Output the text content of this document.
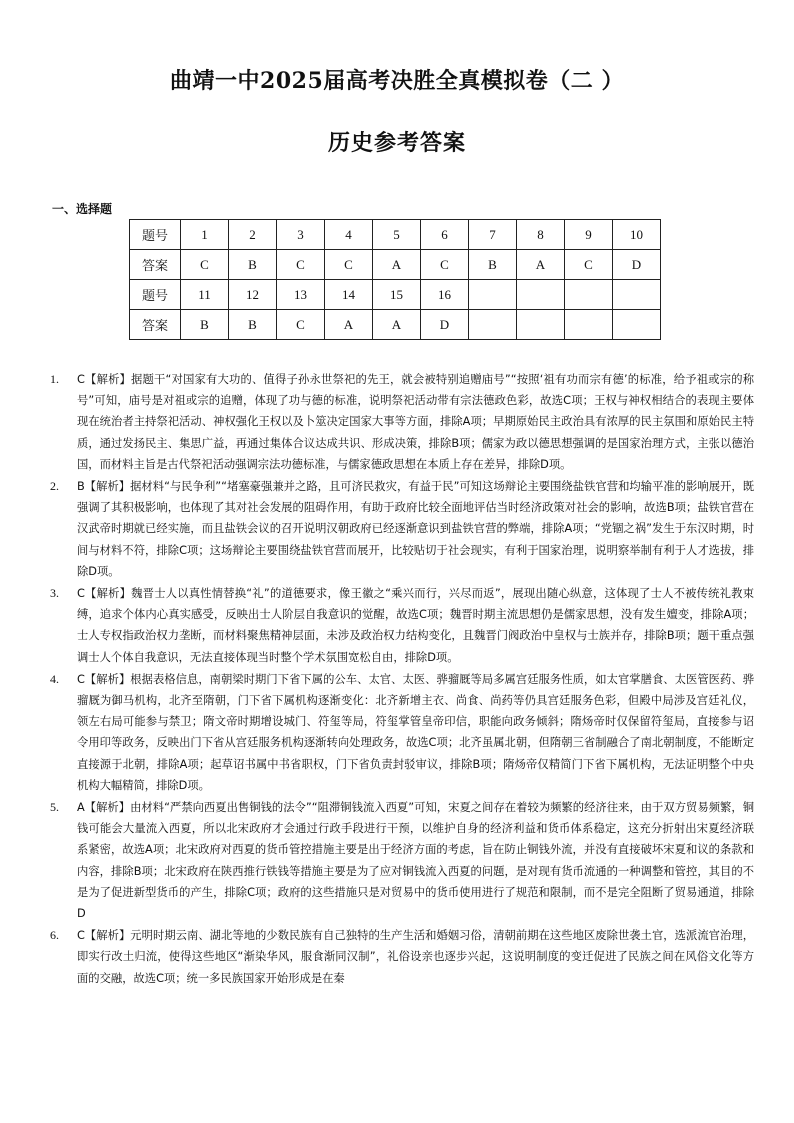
曲靖一中2025届高考决胜全真模拟卷（二 ）
历史参考答案
一、选择题
题号	1	2	3	4	5	6	7	8	9	10
答案	C	B	C	C	A	C	B	A	C	D
题号	11	12	13	14	15	16				
答案	B	B	C	A	A	D				
1. C【解析】据题干“对国家有大功的、值得子孙永世祭祀的先王，就会被特别追赠庙号”“按照‘祖有功而宗有德’的标准，给予祖或宗的称号”可知，庙号是对祖或宗的追赠，体现了功与德的标准，说明祭祀活动带有宗法德政色彩，故选C项；王权与神权相结合的表现主要体现在统治者主持祭祀活动、神权强化王权以及卜筮决定国家大事等方面，排除A项；早期原始民主政治具有浓厚的民主氛围和原始民主特质，通过发扬民主、集思广益，再通过集体合议达成共识、形成决策，排除B项；儒家为政以德思想强调的是国家治理方式，主张以德治国，而材料主旨是古代祭祀活动强调宗法功德标准，与儒家德政思想在本质上存在差异，排除D项。
2. B【解析】据材料“与民争利”“堵塞豪强兼并之路，且可济民救灾，有益于民”可知这场辩论主要围绕盐铁官营和均输平准的影响展开，既强调了其积极影响，也体现了其对社会发展的阻碍作用，有助于政府比较全面地评估当时经济政策对社会的影响，故选B项；盐铁官营在汉武帝时期就已经实施，而且盐铁会议的召开说明汉朝政府已经逐渐意识到盐铁官营的弊端，排除A项；“党锢之祸”发生于东汉时期，时间与材料不符，排除C项；这场辩论主要围绕盐铁官营而展开，比较贴切于社会现实，有利于国家治理，说明察举制有利于人才选拔，排除D项。
3. C【解析】魏晋士人以真性情替换“礼”的道德要求，像王徽之“乘兴而行，兴尽而返”，展现出随心纵意，这体现了士人不被传统礼教束缚，追求个体内心真实感受，反映出士人阶层自我意识的觉醒，故选C项；魏晋时期主流思想仍是儒家思想，没有发生嬗变，排除A项；士人专权指政治权力垄断，而材料聚焦精神层面，未涉及政治权力结构变化，且魏晋门阀政治中皇权与士族并存，排除B项；题干重点强调士人个体自我意识，无法直接体现当时整个学术氛围宽松自由，排除D项。
4. C【解析】根据表格信息，南朝梁时期门下省下属的公车、太官、太医、骅骝厩等局多属宫廷服务性质，如太官掌膳食、太医管医药、骅骝厩为御马机构，北齐至隋朝，门下省下属机构逐渐变化：北齐新增主衣、尚食、尚药等仍具宫廷服务色彩，但殿中局涉及宫廷礼仪，领左右局可能参与禁卫；隋文帝时期增设城门、符玺等局，符玺掌管皇帝印信，职能向政务倾斜；隋炀帝时仅保留符玺局，直接参与诏令用印等政务，反映出门下省从宫廷服务机构逐渐转向处理政务，故选C项；北齐虽属北朝，但隋朝三省制融合了南北朝制度，不能断定直接源于北朝，排除A项；起草诏书属中书省职权，门下省负责封驳审议，排除B项；隋炀帝仅精简门下省下属机构，无法证明整个中央机构大幅精简，排除D项。
5. A【解析】由材料“严禁向西夏出售铜钱的法令”“阻滞铜钱流入西夏”可知，宋夏之间存在着较为频繁的经济往来，由于双方贸易频繁，铜钱可能会大量流入西夏，所以北宋政府才会通过行政手段进行干预，以维护自身的经济利益和货币体系稳定，这充分折射出宋夏经济联系紧密，故选A项；北宋政府对西夏的货币管控措施主要是出于经济方面的考虑，旨在防止铜钱外流，并没有直接破坏宋夏和议的条款和内容，排除B项；北宋政府在陕西推行铁钱等措施主要是为了应对铜钱流入西夏的问题，是对现有货币流通的一种调整和管控，其目的不是为了促进新型货币的产生，排除C项；政府的这些措施只是对贸易中的货币使用进行了规范和限制，而不是完全阻断了贸易通道，排除D
6. C【解析】元明时期云南、湖北等地的少数民族有自己独特的生产生活和婚姻习俗，清朝前期在这些地区废除世袭土官，选派流官治理，即实行改土归流，使得这些地区“渐染华风，服食渐同汉制”，礼俗设亲也逐步兴起，这说明制度的变迁促进了民族之间在风俗文化等方面的交融，故选C项；统一多民族国家开始形成是在秦
